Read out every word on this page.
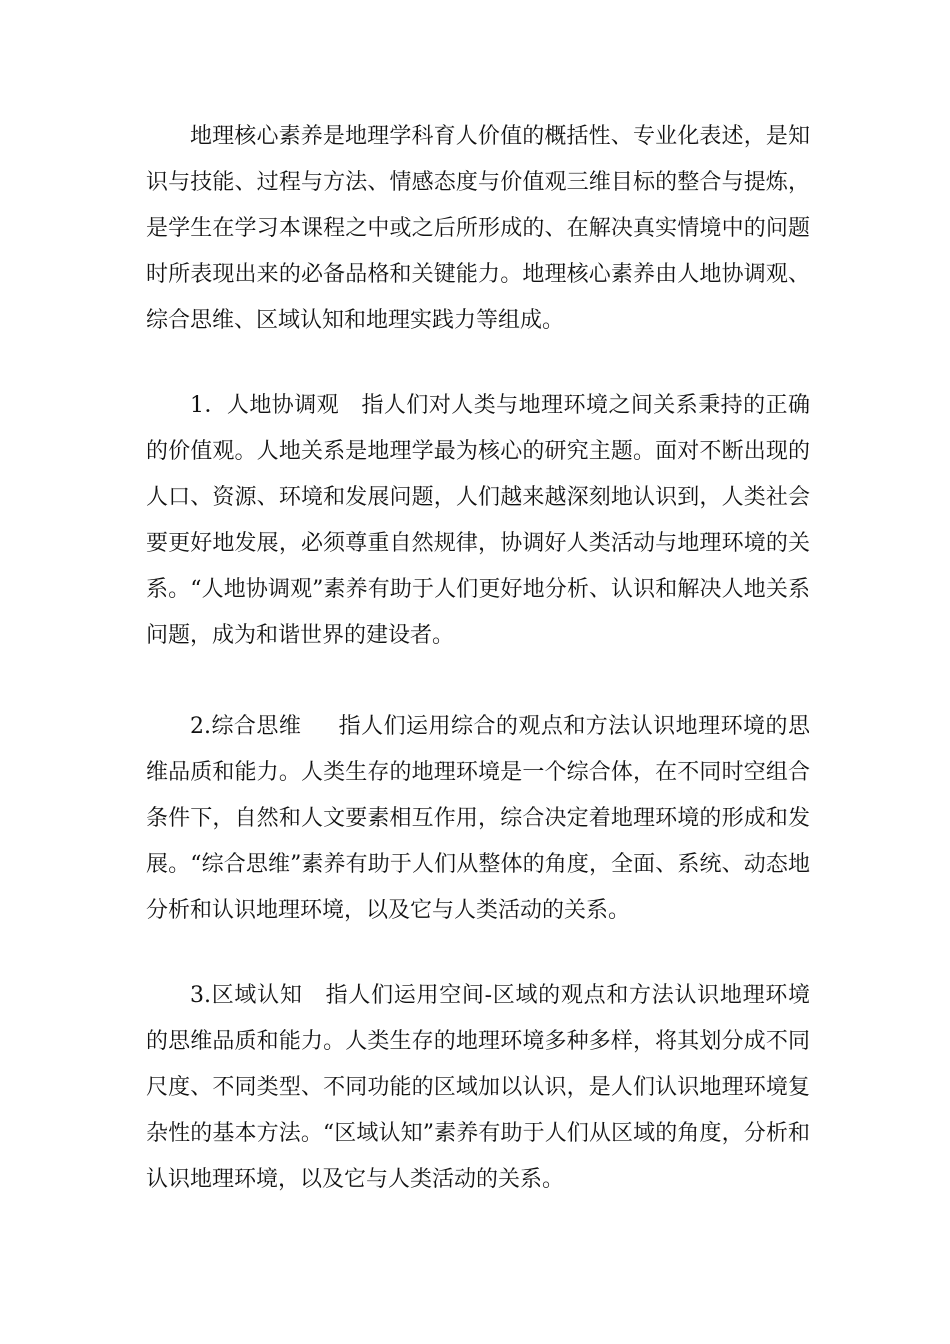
地理核心素养是地理学科育人价值的概括性、专业化表述，是知识与技能、过程与方法、情感态度与价值观三维目标的整合与提炼，是学生在学习本课程之中或之后所形成的、在解决真实情境中的问题时所表现出来的必备品格和关键能力。地理核心素养由人地协调观、综合思维、区域认知和地理实践力等组成。

1．人地协调观 指人们对人类与地理环境之间关系秉持的正确的价值观。人地关系是地理学最为核心的研究主题。面对不断出现的人口、资源、环境和发展问题，人们越来越深刻地认识到，人类社会要更好地发展，必须尊重自然规律，协调好人类活动与地理环境的关系。“人地协调观”素养有助于人们更好地分析、认识和解决人地关系问题，成为和谐世界的建设者。

2.综合思维 指人们运用综合的观点和方法认识地理环境的思维品质和能力。人类生存的地理环境是一个综合体，在不同时空组合条件下，自然和人文要素相互作用，综合决定着地理环境的形成和发展。“综合思维”素养有助于人们从整体的角度，全面、系统、动态地分析和认识地理环境，以及它与人类活动的关系。

3.区域认知 指人们运用空间-区域的观点和方法认识地理环境的思维品质和能力。人类生存的地理环境多种多样，将其划分成不同尺度、不同类型、不同功能的区域加以认识，是人们认识地理环境复杂性的基本方法。“区域认知”素养有助于人们从区域的角度，分析和认识地理环境，以及它与人类活动的关系。
